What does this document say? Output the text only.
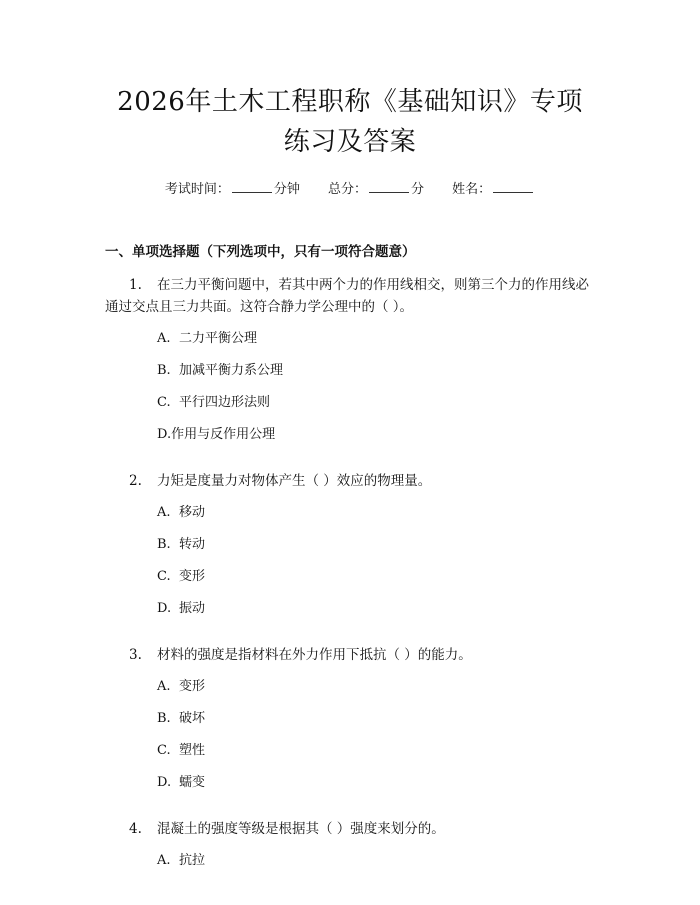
2026年土木工程职称《基础知识》专项练习及答案
考试时间：	分钟 总分：	分 姓名：
一、单项选择题（下列选项中，只有一项符合题意）
1. 在三力平衡问题中，若其中两个力的作用线相交，则第三个力的作用线必通过交点且三力共面。这符合静力学公理中的（ ）。
A. 二力平衡公理
B. 加减平衡力系公理
C. 平行四边形法则
D.作用与反作用公理
2. 力矩是度量力对物体产生（ ）效应的物理量。
A. 移动
B. 转动
C. 变形
D. 振动
3. 材料的强度是指材料在外力作用下抵抗（ ）的能力。
A. 变形
B. 破坏
C. 塑性
D. 蠕变
4. 混凝土的强度等级是根据其（ ）强度来划分的。
A. 抗拉
